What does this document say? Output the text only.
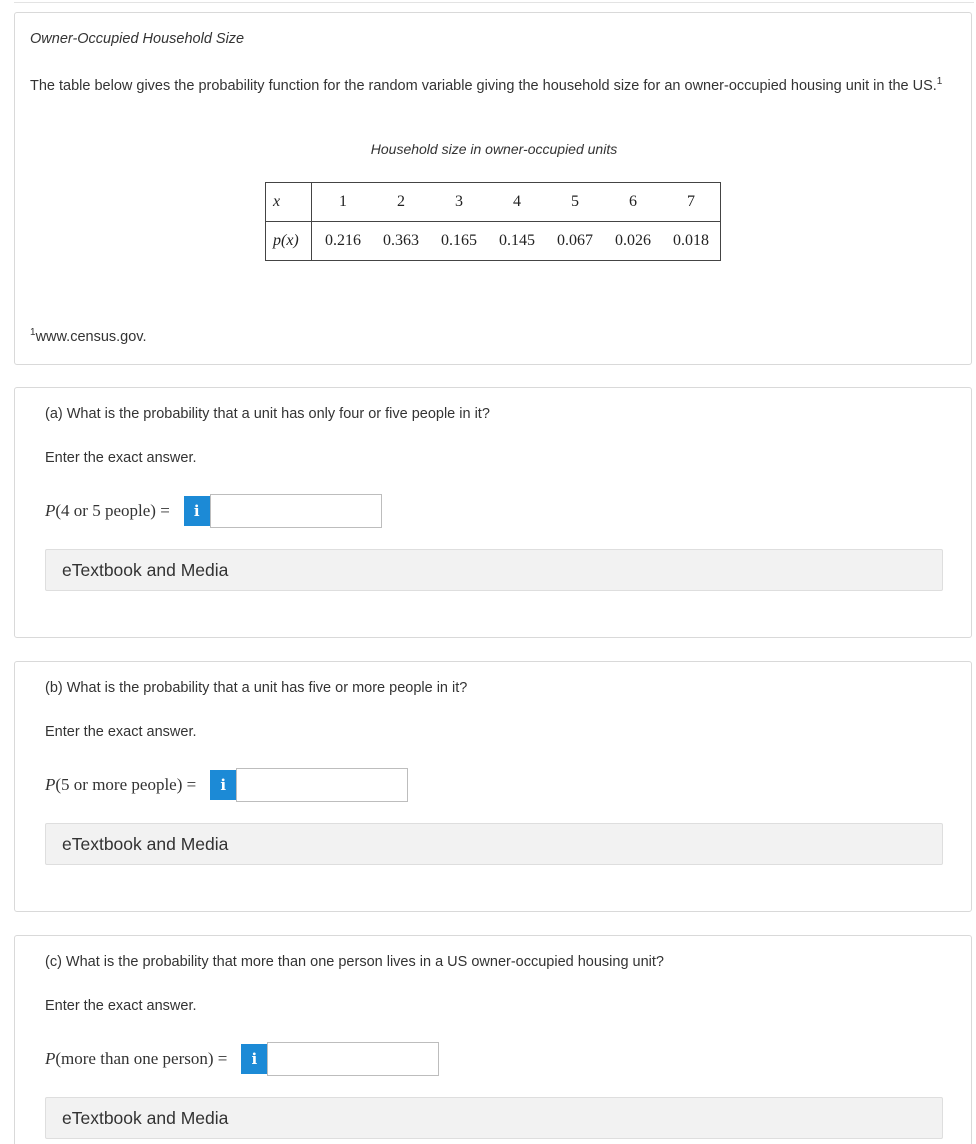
Owner-Occupied Household Size
The table below gives the probability function for the random variable giving the household size for an owner-occupied housing unit in the US.$^1$
Household size in owner-occupied units
x	1	2	3	4	5	6	7
p(x)	0.216	0.363	0.165	0.145	0.067	0.026	0.018
$^1$www.census.gov.
(a) What is the probability that a unit has only four or five people in it?
Enter the exact answer.
P(4 or 5 people) =	i
eTextbook and Media
(b) What is the probability that a unit has five or more people in it?
Enter the exact answer.
P(5 or more people) =	i
eTextbook and Media
(c) What is the probability that more than one person lives in a US owner-occupied housing unit?
Enter the exact answer.
P(more than one person) =	i
eTextbook and Media
